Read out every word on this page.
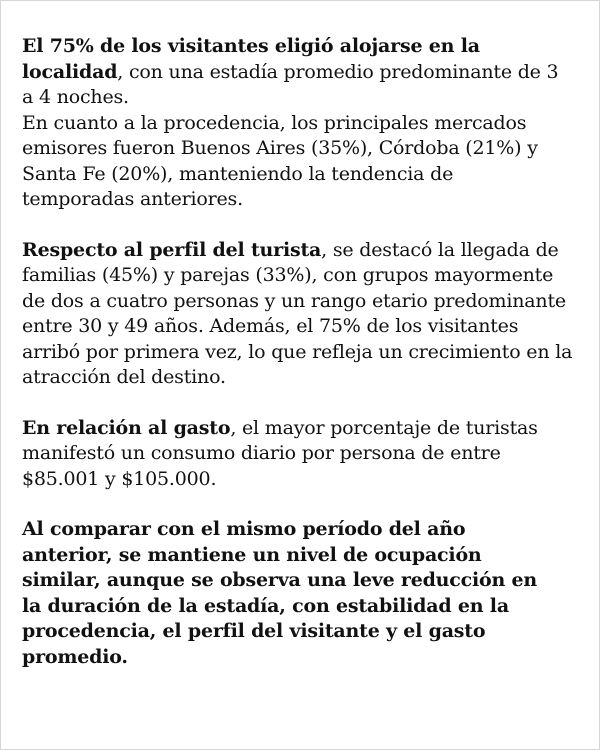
El 75% de los visitantes eligió alojarse en la
localidad, con una estadía promedio predominante de 3
a 4 noches.
En cuanto a la procedencia, los principales mercados
emisores fueron Buenos Aires (35%), Córdoba (21%) y
Santa Fe (20%), manteniendo la tendencia de
temporadas anteriores.

Respecto al perfil del turista, se destacó la llegada de
familias (45%) y parejas (33%), con grupos mayormente
de dos a cuatro personas y un rango etario predominante
entre 30 y 49 años. Además, el 75% de los visitantes
arribó por primera vez, lo que refleja un crecimiento en la
atracción del destino.

En relación al gasto, el mayor porcentaje de turistas
manifestó un consumo diario por persona de entre
$85.001 y $105.000.

Al comparar con el mismo período del año
anterior, se mantiene un nivel de ocupación
similar, aunque se observa una leve reducción en
la duración de la estadía, con estabilidad en la
procedencia, el perfil del visitante y el gasto
promedio.
